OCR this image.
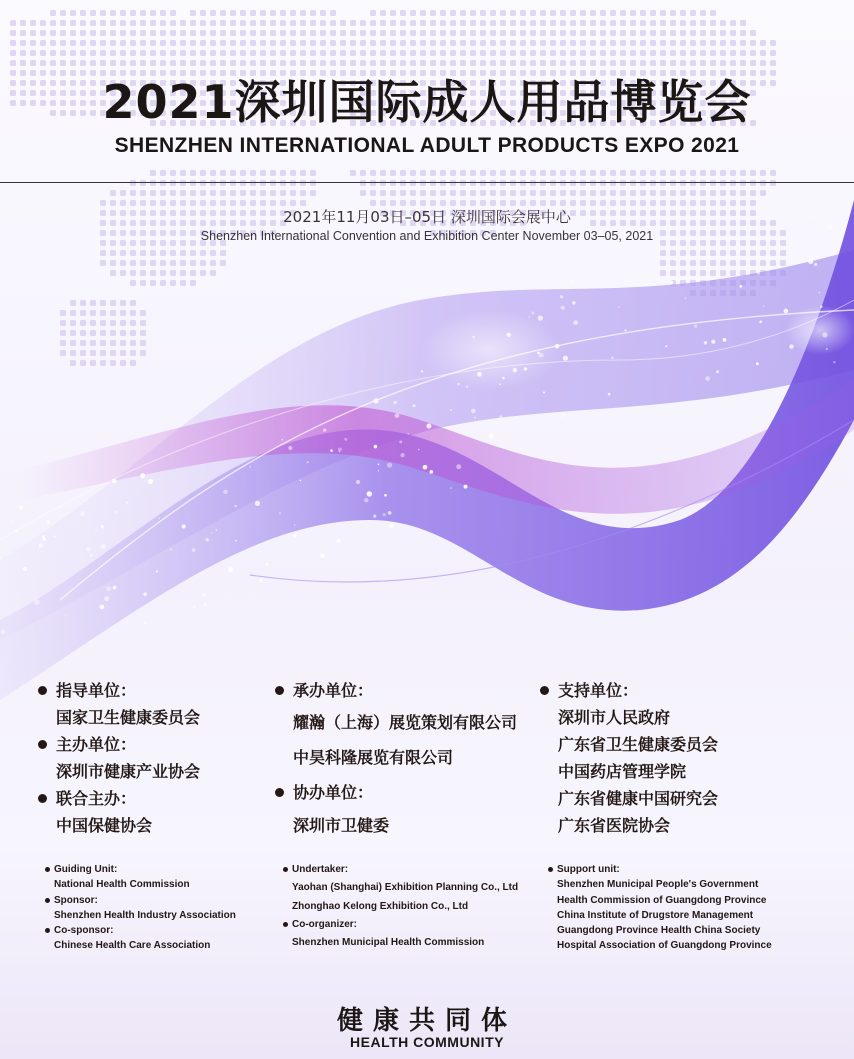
2021深圳国际成人用品博览会
SHENZHEN INTERNATIONAL ADULT PRODUCTS EXPO 2021
2021年11月03日–05日 深圳国际会展中心
Shenzhen International Convention and Exhibition Center November 03–05, 2021
指导单位：
国家卫生健康委员会
主办单位：
深圳市健康产业协会
联合主办：
中国保健协会
承办单位：
耀瀚（上海）展览策划有限公司
中昊科隆展览有限公司
协办单位：
深圳市卫健委
支持单位：
深圳市人民政府
广东省卫生健康委员会
中国药店管理学院
广东省健康中国研究会
广东省医院协会
Guiding Unit:
National Health Commission
Sponsor:
Shenzhen Health Industry Association
Co-sponsor:
Chinese Health Care Association
Undertaker:
Yaohan (Shanghai) Exhibition Planning Co., Ltd
Zhonghao Kelong Exhibition Co., Ltd
Co-organizer:
Shenzhen Municipal Health Commission
Support unit:
Shenzhen Municipal People's Government
Health Commission of Guangdong Province
China Institute of Drugstore Management
Guangdong Province Health China Society
Hospital Association of Guangdong Province
健康共同体
HEALTH COMMUNITY
